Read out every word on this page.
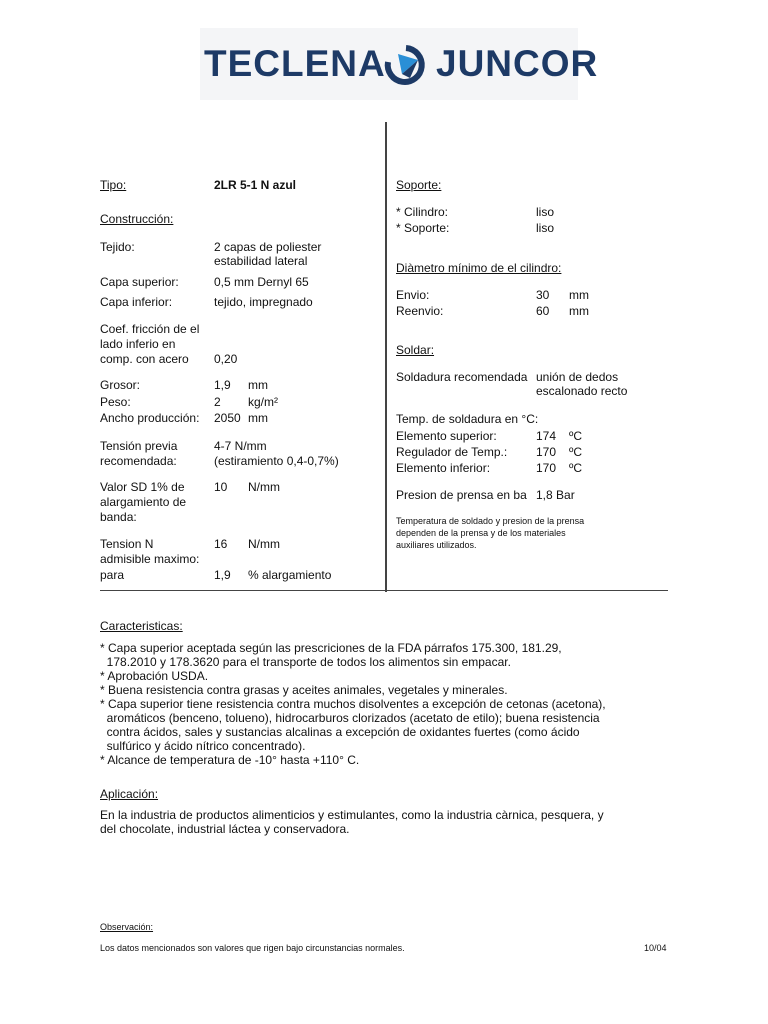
TECLENA JUNCOR
Tipo:	2LR 5-1 N azul
Construcción:
Tejido:	2 capas de poliester
estabilidad lateral
Capa superior:	0,5 mm Dernyl 65
Capa inferior:	tejido, impregnado
Coef. fricción de el
lado inferio en
comp. con acero 0,20
Grosor:	1,9 mm
Peso:	2 kg/m²
Ancho producción: 2050 mm
Tensión previa
recomendada:
4-7 N/mm
(estiramiento 0,4-0,7%)
Valor SD 1% de
alargamiento de
banda:
10 N/mm
Tension N
admisible maximo:
16 N/mm
para	1,9 % alargamiento
Soporte:
* Cilindro:	liso
* Soporte:	liso
Diàmetro mínimo de el cilindro:
Envio:	30 mm
Reenvio:	60 mm
Soldar:
Soldadura recomendada unión de dedos
escalonado recto
Temp. de soldadura en °C:
Elemento superior:	174 ºC
Regulador de Temp.: 170 ºC
Elemento inferior:	170 ºC
Presion de prensa en ba 1,8 Bar
Temperatura de soldado y presion de la prensa
dependen de la prensa y de los materiales
auxiliares utilizados.
Caracteristicas:
* Capa superior aceptada según las prescriciones de la FDA párrafos 175.300, 181.29,
178.2010 y 178.3620 para el transporte de todos los alimentos sin empacar.
* Aprobación USDA.
* Buena resistencia contra grasas y aceites animales, vegetales y minerales.
* Capa superior tiene resistencia contra muchos disolventes a excepción de cetonas (acetona),
aromáticos (benceno, tolueno), hidrocarburos clorizados (acetato de etilo); buena resistencia
contra ácidos, sales y sustancias alcalinas a excepción de oxidantes fuertes (como ácido
sulfúrico y ácido nítrico concentrado).
* Alcance de temperatura de -10° hasta +110° C.
Aplicación:
En la industria de productos alimenticios y estimulantes, como la industria càrnica, pesquera, y
del chocolate, industrial láctea y conservadora.
Observación:
Los datos mencionados son valores que rigen bajo circunstancias normales.	10/04
